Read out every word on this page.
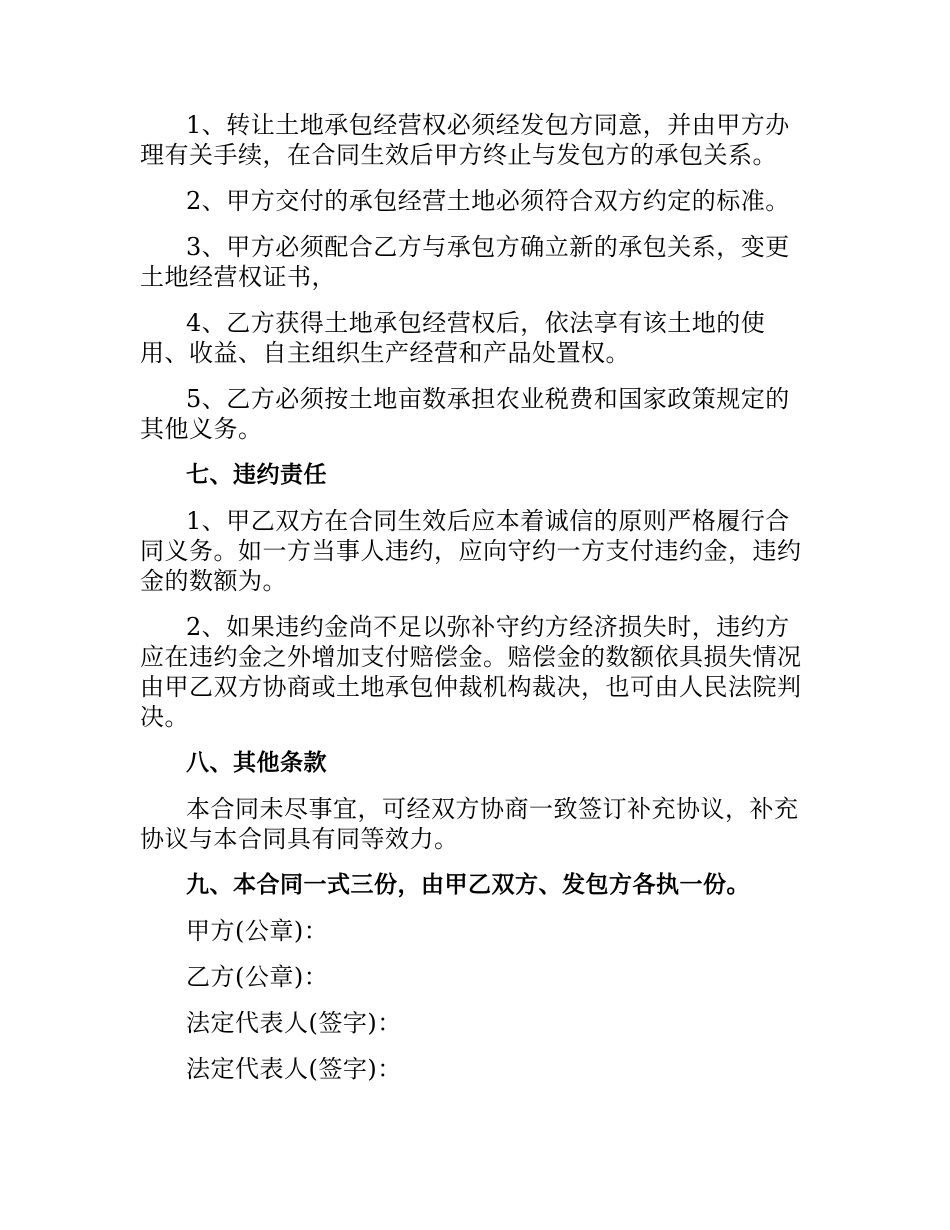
1、转让土地承包经营权必须经发包方同意，并由甲方办理有关手续，在合同生效后甲方终止与发包方的承包关系。

2、甲方交付的承包经营土地必须符合双方约定的标准。

3、甲方必须配合乙方与承包方确立新的承包关系，变更土地经营权证书，

4、乙方获得土地承包经营权后，依法享有该土地的使用、收益、自主组织生产经营和产品处置权。

5、乙方必须按土地亩数承担农业税费和国家政策规定的其他义务。

七、违约责任

1、甲乙双方在合同生效后应本着诚信的原则严格履行合同义务。如一方当事人违约，应向守约一方支付违约金，违约金的数额为。

2、如果违约金尚不足以弥补守约方经济损失时，违约方应在违约金之外增加支付赔偿金。赔偿金的数额依具损失情况由甲乙双方协商或土地承包仲裁机构裁决，也可由人民法院判决。

八、其他条款

本合同未尽事宜，可经双方协商一致签订补充协议，补充协议与本合同具有同等效力。

九、本合同一式三份，由甲乙双方、发包方各执一份。

甲方(公章)：

乙方(公章)：

法定代表人(签字)：

法定代表人(签字)：
